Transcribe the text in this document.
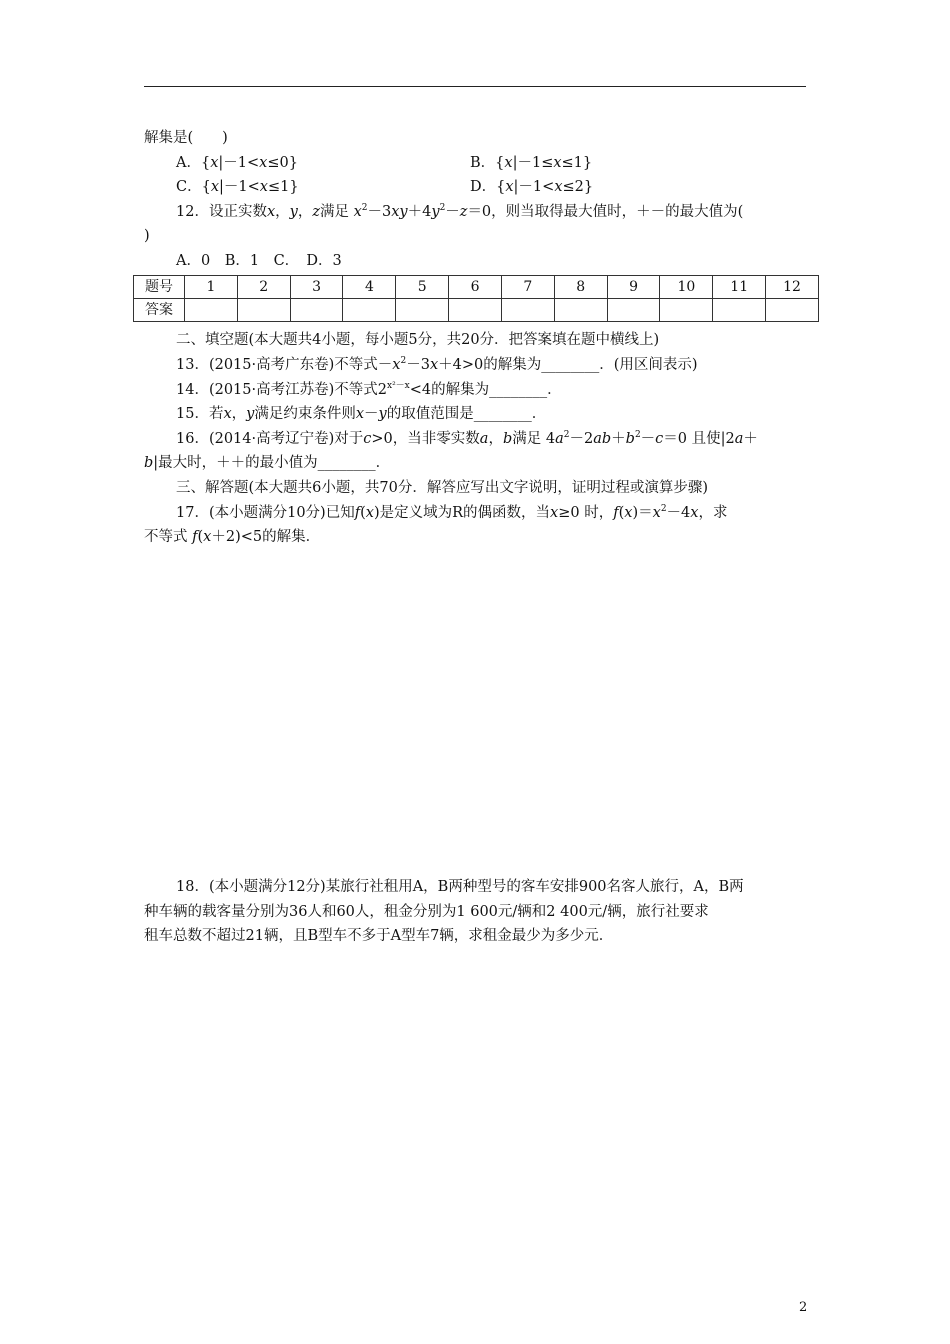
解集是(　　)
A．{x|－1<x≤0}	B．{x|－1≤x≤1}
C．{x|－1<x≤1}	D．{x|－1<x≤2}
12．设正实数x，y，z满足 $x^2-3xy+4y^2-z=0$，则当取得最大值时，＋－的最大值为(
)
A．0　B．1　C．　D．3
题号	1	2	3	4	5	6	7	8	9	10	11	12
答案												
二、填空题(本大题共4小题，每小题5分，共20分．把答案填在题中横线上)
13．(2015·高考广东卷)不等式$-x^2-3x+4>0$的解集为________．(用区间表示)
14．(2015·高考江苏卷)不等式$2^{x^2-x}<4$的解集为________．
15．若x，y满足约束条件则x－y的取值范围是________．
16．(2014·高考辽宁卷)对于c>0，当非零实数a，b满足 $4a^2-2ab+b^2-c=0$ 且使|2a＋
b|最大时，＋＋的最小值为________．
三、解答题(本大题共6小题，共70分．解答应写出文字说明，证明过程或演算步骤)
17．(本小题满分10分)已知f(x)是定义域为R的偶函数，当x≥0 时，$f(x)=x^2-4x$，求
不等式 f(x＋2)<5的解集．
18．(本小题满分12分)某旅行社租用A，B两种型号的客车安排900名客人旅行，A，B两
种车辆的载客量分别为36人和60人，租金分别为1 600元/辆和2 400元/辆，旅行社要求
租车总数不超过21辆，且B型车不多于A型车7辆，求租金最少为多少元．
2
